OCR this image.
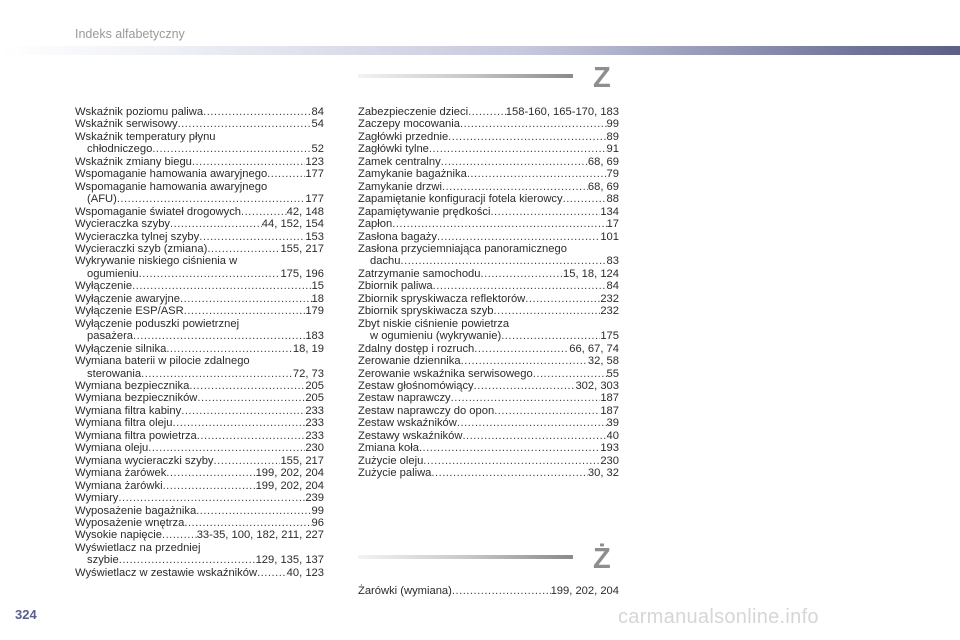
Indeks alfabetyczny
Z
Wskaźnik poziomu paliwa .....	84
Wskaźnik serwisowy .....	54
Wskaźnik temperatury płynu
chłodniczego .....	52
Wskaźnik zmiany biegu .....	123
Wspomaganie hamowania awaryjnego .....	177
Wspomaganie hamowania awaryjnego
(AFU) .....	177
Wspomaganie świateł drogowych .....	42, 148
Wycieraczka szyby .....	44, 152, 154
Wycieraczka tylnej szyby .....	153
Wycieraczki szyb (zmiana) .....	155, 217
Wykrywanie niskiego ciśnienia w
ogumieniu .....	175, 196
Wyłączenie .....	15
Wyłączenie awaryjne .....	18
Wyłączenie ESP/ASR .....	179
Wyłączenie poduszki powietrznej
pasażera .....	183
Wyłączenie silnika .....	18, 19
Wymiana baterii w pilocie zdalnego
sterowania .....	72, 73
Wymiana bezpiecznika .....	205
Wymiana bezpieczników .....	205
Wymiana filtra kabiny .....	233
Wymiana filtra oleju .....	233
Wymiana filtra powietrza .....	233
Wymiana oleju .....	230
Wymiana wycieraczki szyby .....	155, 217
Wymiana żarówek .....	199, 202, 204
Wymiana żarówki .....	199, 202, 204
Wymiary .....	239
Wyposażenie bagażnika .....	99
Wyposażenie wnętrza .....	96
Wysokie napięcie .....	33-35, 100, 182, 211, 227
Wyświetlacz na przedniej
szybie .....	129, 135, 137
Wyświetlacz w zestawie wskaźników .....	40, 123
Zabezpieczenie dzieci .....	158-160, 165-170, 183
Zaczepy mocowania .....	99
Zagłówki przednie .....	89
Zagłówki tylne .....	91
Zamek centralny .....	68, 69
Zamykanie bagażnika .....	79
Zamykanie drzwi .....	68, 69
Zapamiętanie konfiguracji fotela kierowcy .....	88
Zapamiętywanie prędkości .....	134
Zapłon .....	17
Zasłona bagaży .....	101
Zasłona przyciemniająca panoramicznego
dachu .....	83
Zatrzymanie samochodu .....	15, 18, 124
Zbiornik paliwa .....	84
Zbiornik spryskiwacza reflektorów .....	232
Zbiornik spryskiwacza szyb .....	232
Zbyt niskie ciśnienie powietrza
w ogumieniu (wykrywanie) .....	175
Zdalny dostęp i rozruch .....	66, 67, 74
Zerowanie dziennika .....	32, 58
Zerowanie wskaźnika serwisowego .....	55
Zestaw głośnomówiący .....	302, 303
Zestaw naprawczy .....	187
Zestaw naprawczy do opon .....	187
Zestaw wskaźników .....	39
Zestawy wskaźników .....	40
Zmiana koła .....	193
Zużycie oleju .....	230
Zużycie paliwa .....	30, 32
Ż
Żarówki (wymiana) .....	199, 202, 204
324	carmanualsonline.info
